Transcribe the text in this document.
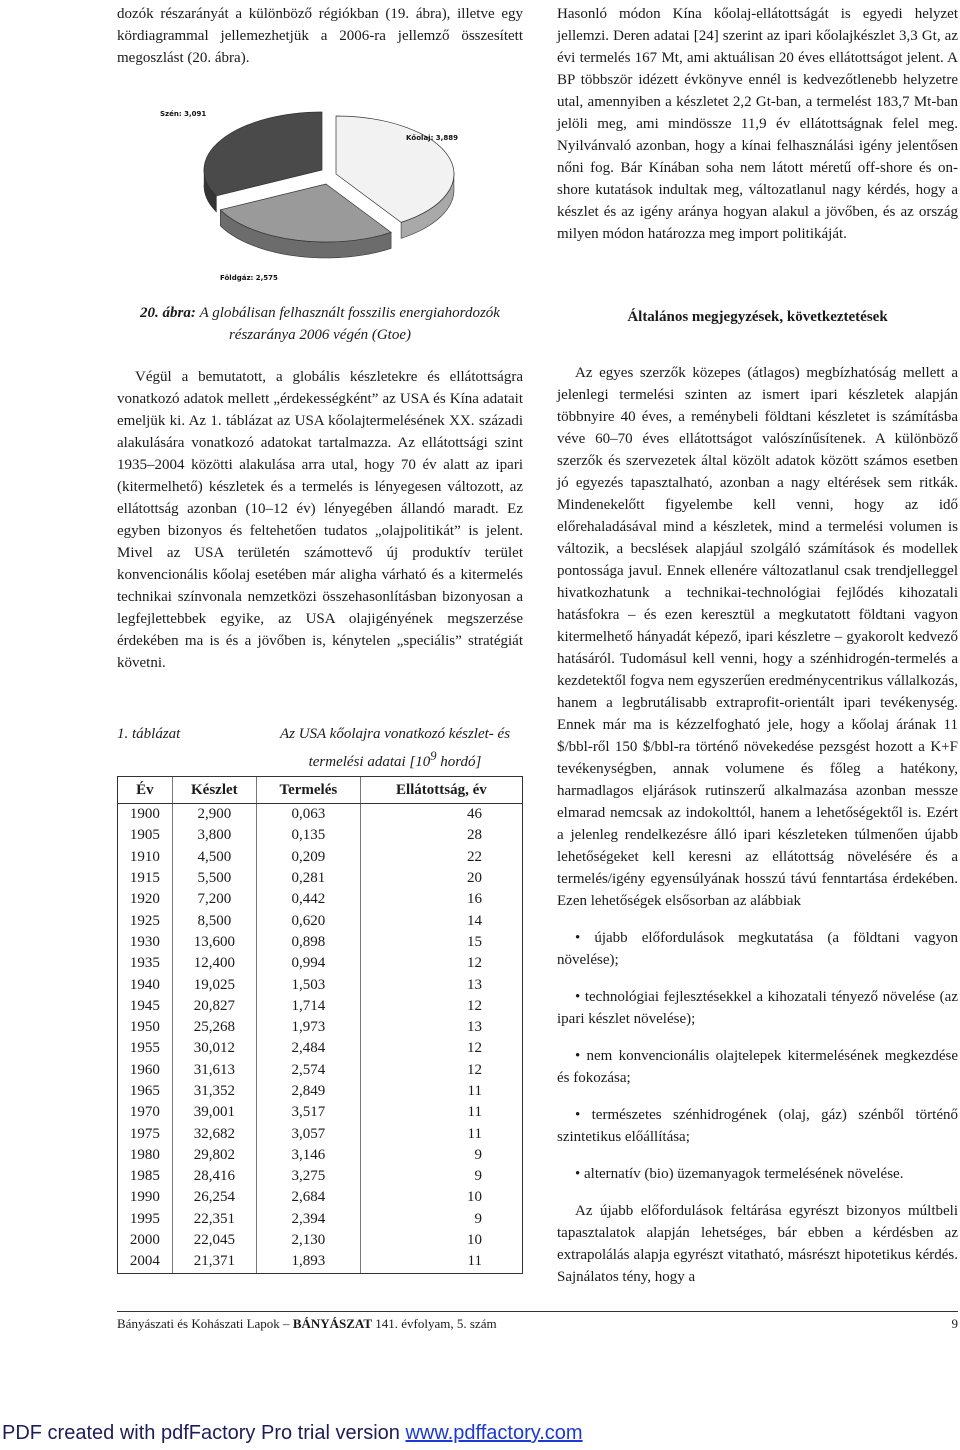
dozók részarányát a különböző régiókban (19. ábra), illetve egy kördiagrammal jellemezhetjük a 2006-ra jellemző összesített megoszlást (20. ábra).
Szén: 3,091
Kőolaj: 3,889
Földgáz: 2,575
20. ábra: A globálisan felhasznált fosszilis energiahordozók részaránya 2006 végén (Gtoe)
Végül a bemutatott, a globális készletekre és ellátottságra vonatkozó adatok mellett „érdekességként” az USA és Kína adatait emeljük ki. Az 1. táblázat az USA kőolajtermelésének XX. századi alakulására vonatkozó adatokat tartalmazza. Az ellátottsági szint 1935–2004 közötti alakulása arra utal, hogy 70 év alatt az ipari (kitermelhető) készletek és a termelés is lényegesen változott, az ellátottság azonban (10–12 év) lényegében állandó maradt. Ez egyben bizonyos és feltehetően tudatos „olajpolitikát” is jelent. Mivel az USA területén számottevő új produktív terület konvencionális kőolaj esetében már aligha várható és a kitermelés technikai színvonala nemzetközi összehasonlításban bizonyosan a legfejlettebbek egyike, az USA olajigényének megszerzése érdekében ma is és a jövőben is, kénytelen „speciális” stratégiát követni.
1. táblázat	Az USA kőolajra vonatkozó készlet- és termelési adatai [$10^9$ hordó]
Év	Készlet	Termelés	Ellátottság, év
1900	2,900	0,063	46
1905	3,800	0,135	28
1910	4,500	0,209	22
1915	5,500	0,281	20
1920	7,200	0,442	16
1925	8,500	0,620	14
1930	13,600	0,898	15
1935	12,400	0,994	12
1940	19,025	1,503	13
1945	20,827	1,714	12
1950	25,268	1,973	13
1955	30,012	2,484	12
1960	31,613	2,574	12
1965	31,352	2,849	11
1970	39,001	3,517	11
1975	32,682	3,057	11
1980	29,802	3,146	9
1985	28,416	3,275	9
1990	26,254	2,684	10
1995	22,351	2,394	9
2000	22,045	2,130	10
2004	21,371	1,893	11
Hasonló módon Kína kőolaj-ellátottságát is egyedi helyzet jellemzi. Deren adatai [24] szerint az ipari kőolajkészlet 3,3 Gt, az évi termelés 167 Mt, ami aktuálisan 20 éves ellátottságot jelent. A BP többször idézett évkönyve ennél is kedvezőtlenebb helyzetre utal, amennyiben a készletet 2,2 Gt-ban, a termelést 183,7 Mt-ban jelöli meg, ami mindössze 11,9 év ellátottságnak felel meg. Nyilvánvaló azonban, hogy a kínai felhasználási igény jelentősen nőni fog. Bár Kínában soha nem látott méretű off-shore és on-shore kutatások indultak meg, változatlanul nagy kérdés, hogy a készlet és az igény aránya hogyan alakul a jövőben, és az ország milyen módon határozza meg import politikáját.
Általános megjegyzések, következtetések

Az egyes szerzők közepes (átlagos) megbízhatóság mellett a jelenlegi termelési szinten az ismert ipari készletek alapján többnyire 40 éves, a reménybeli földtani készletet is számításba véve 60–70 éves ellátottságot valószínűsítenek. A különböző szerzők és szervezetek által közölt adatok között számos esetben jó egyezés tapasztalható, azonban a nagy eltérések sem ritkák. Mindenekelőtt figyelembe kell venni, hogy az idő előrehaladásával mind a készletek, mind a termelési volumen is változik, a becslések alapjául szolgáló számítások és modellek pontossága javul. Ennek ellenére változatlanul csak trendjelleggel hivatkozhatunk a technikai-technológiai fejlődés kihozatali hatásfokra – és ezen keresztül a megkutatott földtani vagyon kitermelhető hányadát képező, ipari készletre – gyakorolt kedvező hatásáról. Tudomásul kell venni, hogy a szénhidrogén-termelés a kezdetektől fogva nem egyszerűen eredménycentrikus vállalkozás, hanem a legbrutálisabb extraprofit-orientált ipari tevékenység. Ennek már ma is kézzelfogható jele, hogy a kőolaj árának 11 $/bbl-ről 150 $/bbl-ra történő növekedése pezsgést hozott a K+F tevékenységben, annak volumene és főleg a hatékony, harmadlagos eljárások rutinszerű alkalmazása azonban messze elmarad nemcsak az indokolttól, hanem a lehetőségektől is. Ezért a jelenleg rendelkezésre álló ipari készleteken túlmenően újabb lehetőségeket kell keresni az ellátottság növelésére és a termelés/igény egyensúlyának hosszú távú fenntartása érdekében. Ezen lehetőségek elsősorban az alábbiak

• újabb előfordulások megkutatása (a földtani vagyon növelése);

• technológiai fejlesztésekkel a kihozatali tényező növelése (az ipari készlet növelése);

• nem konvencionális olajtelepek kitermelésének megkezdése és fokozása;

• természetes szénhidrogének (olaj, gáz) szénből történő szintetikus előállítása;

• alternatív (bio) üzemanyagok termelésének növelése.

Az újabb előfordulások feltárása egyrészt bizonyos múltbeli tapasztalatok alapján lehetséges, bár ebben a kérdésben az extrapolálás alapja egyrészt vitatható, másrészt hipotetikus kérdés. Sajnálatos tény, hogy a

Bányászati és Kohászati Lapok – BÁNYÁSZAT 141. évfolyam, 5. szám	9
PDF created with pdfFactory Pro trial version www.pdffactory.com
